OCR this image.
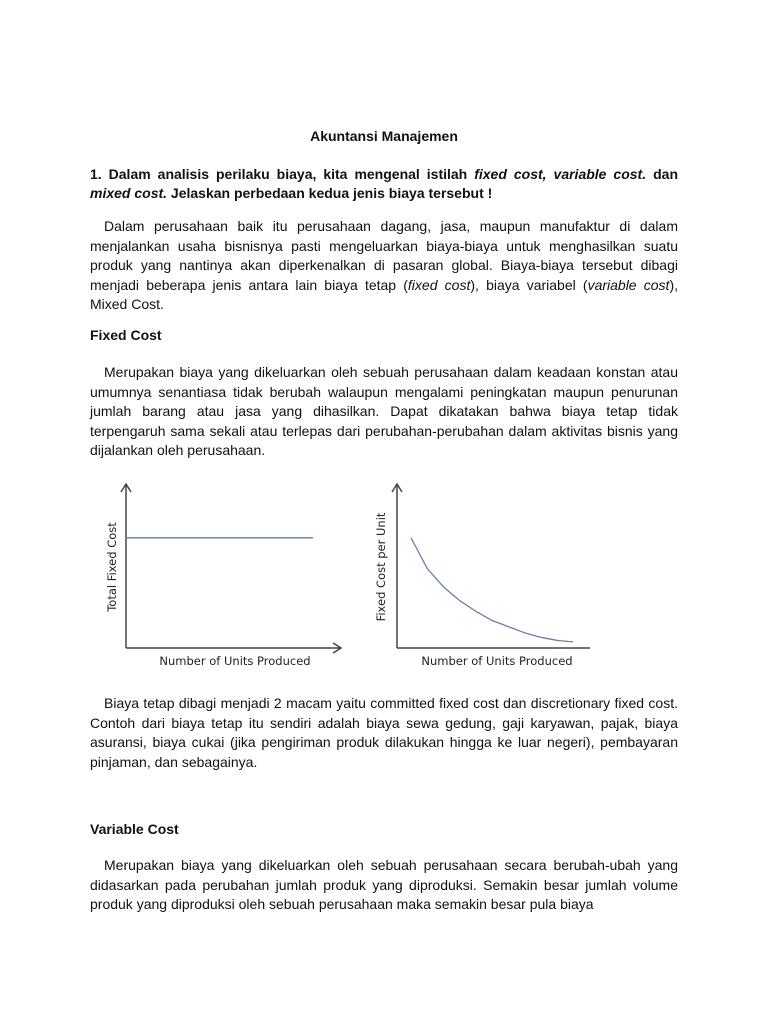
Akuntansi Manajemen
1. Dalam analisis perilaku biaya, kita mengenal istilah fixed cost, variable cost. dan mixed cost. Jelaskan perbedaan kedua jenis biaya tersebut !
Dalam perusahaan baik itu perusahaan dagang, jasa, maupun manufaktur di dalam menjalankan usaha bisnisnya pasti mengeluarkan biaya-biaya untuk menghasilkan suatu produk yang nantinya akan diperkenalkan di pasaran global. Biaya-biaya tersebut dibagi menjadi beberapa jenis antara lain biaya tetap (fixed cost), biaya variabel (variable cost), Mixed Cost.
Fixed Cost
Merupakan biaya yang dikeluarkan oleh sebuah perusahaan dalam keadaan konstan atau umumnya senantiasa tidak berubah walaupun mengalami peningkatan maupun penurunan jumlah barang atau jasa yang dihasilkan. Dapat dikatakan bahwa biaya tetap tidak terpengaruh sama sekali atau terlepas dari perubahan-perubahan dalam aktivitas bisnis yang dijalankan oleh perusahaan.
Number of Units Produced
Total Fixed Cost
Number of Units Produced
Fixed Cost per Unit
Biaya tetap dibagi menjadi 2 macam yaitu committed fixed cost dan discretionary fixed cost. Contoh dari biaya tetap itu sendiri adalah biaya sewa gedung, gaji karyawan, pajak, biaya asuransi, biaya cukai (jika pengiriman produk dilakukan hingga ke luar negeri), pembayaran pinjaman, dan sebagainya.
Variable Cost
Merupakan biaya yang dikeluarkan oleh sebuah perusahaan secara berubah-ubah yang didasarkan pada perubahan jumlah produk yang diproduksi. Semakin besar jumlah volume produk yang diproduksi oleh sebuah perusahaan maka semakin besar pula biaya
